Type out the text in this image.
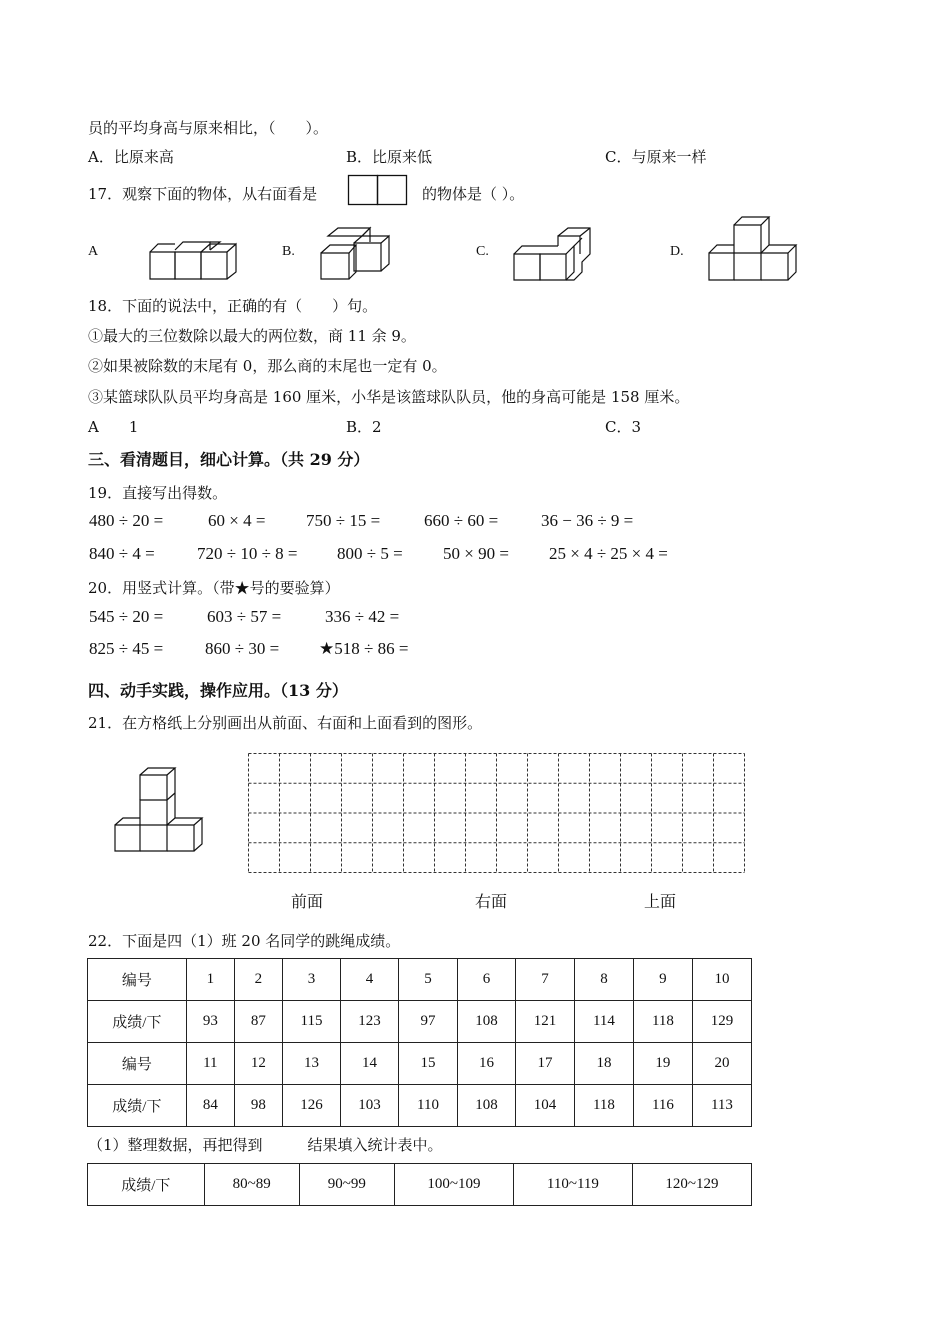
员的平均身高与原来相比，（　　）。
A．比原来高	B．比原来低	C．与原来一样
17．观察下面的物体，从右面看是	的物体是（ ）。
A	B.	C.	D.
18．下面的说法中，正确的有（　　）句。
①最大的三位数除以最大的两位数，商 11 余 9。
②如果被除数的末尾有 0，那么商的末尾也一定有 0。
③某篮球队队员平均身高是 160 厘米，小华是该篮球队队员，他的身高可能是 158 厘米。
A　　1	B．2	C．3
三、看清题目，细心计算。（共 29 分）
19．直接写出得数。
480 ÷ 20 =	60 × 4 = 750 ÷ 15 =	660 ÷ 60 =	36 − 36 ÷ 9 =
840 ÷ 4 = 720 ÷ 10 ÷ 8 = 800 ÷ 5 = 50 × 90 = 25 × 4 ÷ 25 × 4 =
20．用竖式计算。（带★号的要验算）
545 ÷ 20 =	603 ÷ 57 =	336 ÷ 42 =
825 ÷ 45 = 860 ÷ 30 = ★518 ÷ 86 =
四、动手实践，操作应用。（13 分）
21．在方格纸上分别画出从前面、右面和上面看到的图形。
前面	右面	上面
22．下面是四（1）班 20 名同学的跳绳成绩。
编号	1	2	3	4	5	6	7	8	9	10
成绩/下	93	87	115	123	97	108	121	114	118	129
编号	11	12	13	14	15	16	17	18	19	20
成绩/下	84	98	126	103	110	108	104	118	116	113
（1）整理数据，再把得到　　　结果填入统计表中。
成绩/下	80~89	90~99	100~109	110~119	120~129
